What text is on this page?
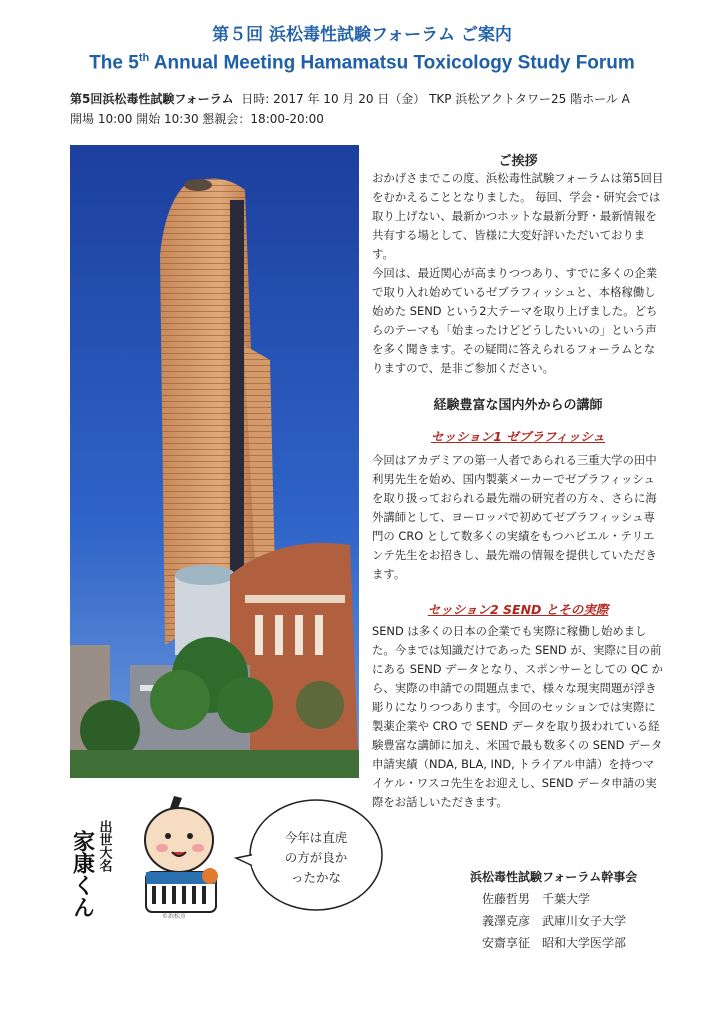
第５回 浜松毒性試験フォーラム ご案内
The 5th Annual Meeting Hamamatsu Toxicology Study Forum
第5回浜松毒性試験フォーラム 日時: 2017 年 10 月 20 日（金） TKP 浜松アクトタワー25 階ホール A
開場 10:00 開始 10:30 懇親会：18:00-20:00

ご挨拶

おかげさまでこの度、浜松毒性試験フォーラムは第5回目をむかえることとなりました。 毎回、学会・研究会では取り上げない、最新かつホットな最新分野・最新情報を共有する場として、皆様に大変好評いただいております。

今回は、最近関心が高まりつつあり、すでに多くの企業で取り入れ始めているゼブラフィッシュと、本格稼働し始めた SEND という2大テーマを取り上げました。どちらのテーマも「始まったけどどうしたいいの」という声を多く聞きます。その疑問に答えられるフォーラムとなりますので、是非ご参加ください。

経験豊富な国内外からの講師

セッション1 ゼブラフィッシュ

今回はアカデミアの第一人者であられる三重大学の田中利男先生を始め、国内製薬メーカーでゼブラフィッシュを取り扱っておられる最先端の研究者の方々、さらに海外講師として、ヨーロッパで初めてゼブラフィッシュ専門の CRO として数多くの実績をもつハビエル・テリエンテ先生をお招きし、最先端の情報を提供していただきます。

セッション2 SEND とその実際

SEND は多くの日本の企業でも実際に稼働し始めました。今までは知識だけであった SEND が、実際に目の前にある SEND データとなり、スポンサーとしての QC から、実際の申請での問題点まで、様々な現実問題が浮き彫りになりつつあります。今回のセッションでは実際に製薬企業や CRO で SEND データを取り扱われている経験豊富な講師に加え、米国で最も数多くの SEND データ申請実績（NDA, BLA, IND, トライアル申請）を持つマイケル・ワスコ先生をお迎えし、SEND データ申請の実際をお話しいただきます。

出世大名
家康くん	©浜松市
今年は直虎
の方が良か
ったかな	浜松毒性試験フォーラム幹事会
佐藤哲男 千葉大学
義澤克彦 武庫川女子大学
安齋享征 昭和大学医学部
